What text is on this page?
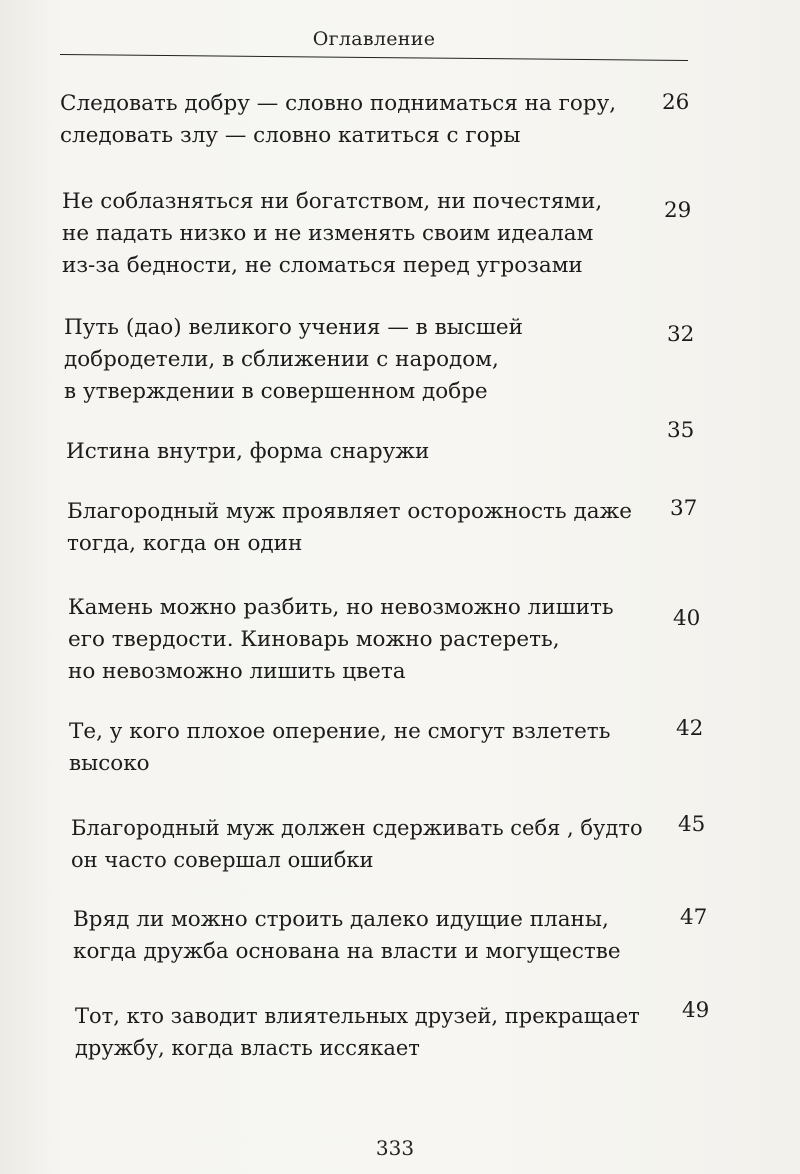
Оглавление
Следовать добру — словно подниматься на гору,
следовать злу — словно катиться с горы
26
Не соблазняться ни богатством, ни почестями,
не падать низко и не изменять своим идеалам
из-за бедности, не сломаться перед угрозами
29
Путь (дао) великого учения — в высшей
добродетели, в сближении с народом,
в утверждении в совершенном добре
32
Истина внутри, форма снаружи
35
Благородный муж проявляет осторожность даже
тогда, когда он один
37
Камень можно разбить, но невозможно лишить
его твердости. Киноварь можно растереть,
но невозможно лишить цвета
40
Те, у кого плохое оперение, не смогут взлететь
высоко
42
Благородный муж должен сдерживать себя , будто
он часто совершал ошибки
45
Вряд ли можно строить далеко идущие планы,
когда дружба основана на власти и могуществе
47
Тот, кто заводит влиятельных друзей, прекращает
дружбу, когда власть иссякает
49
333
